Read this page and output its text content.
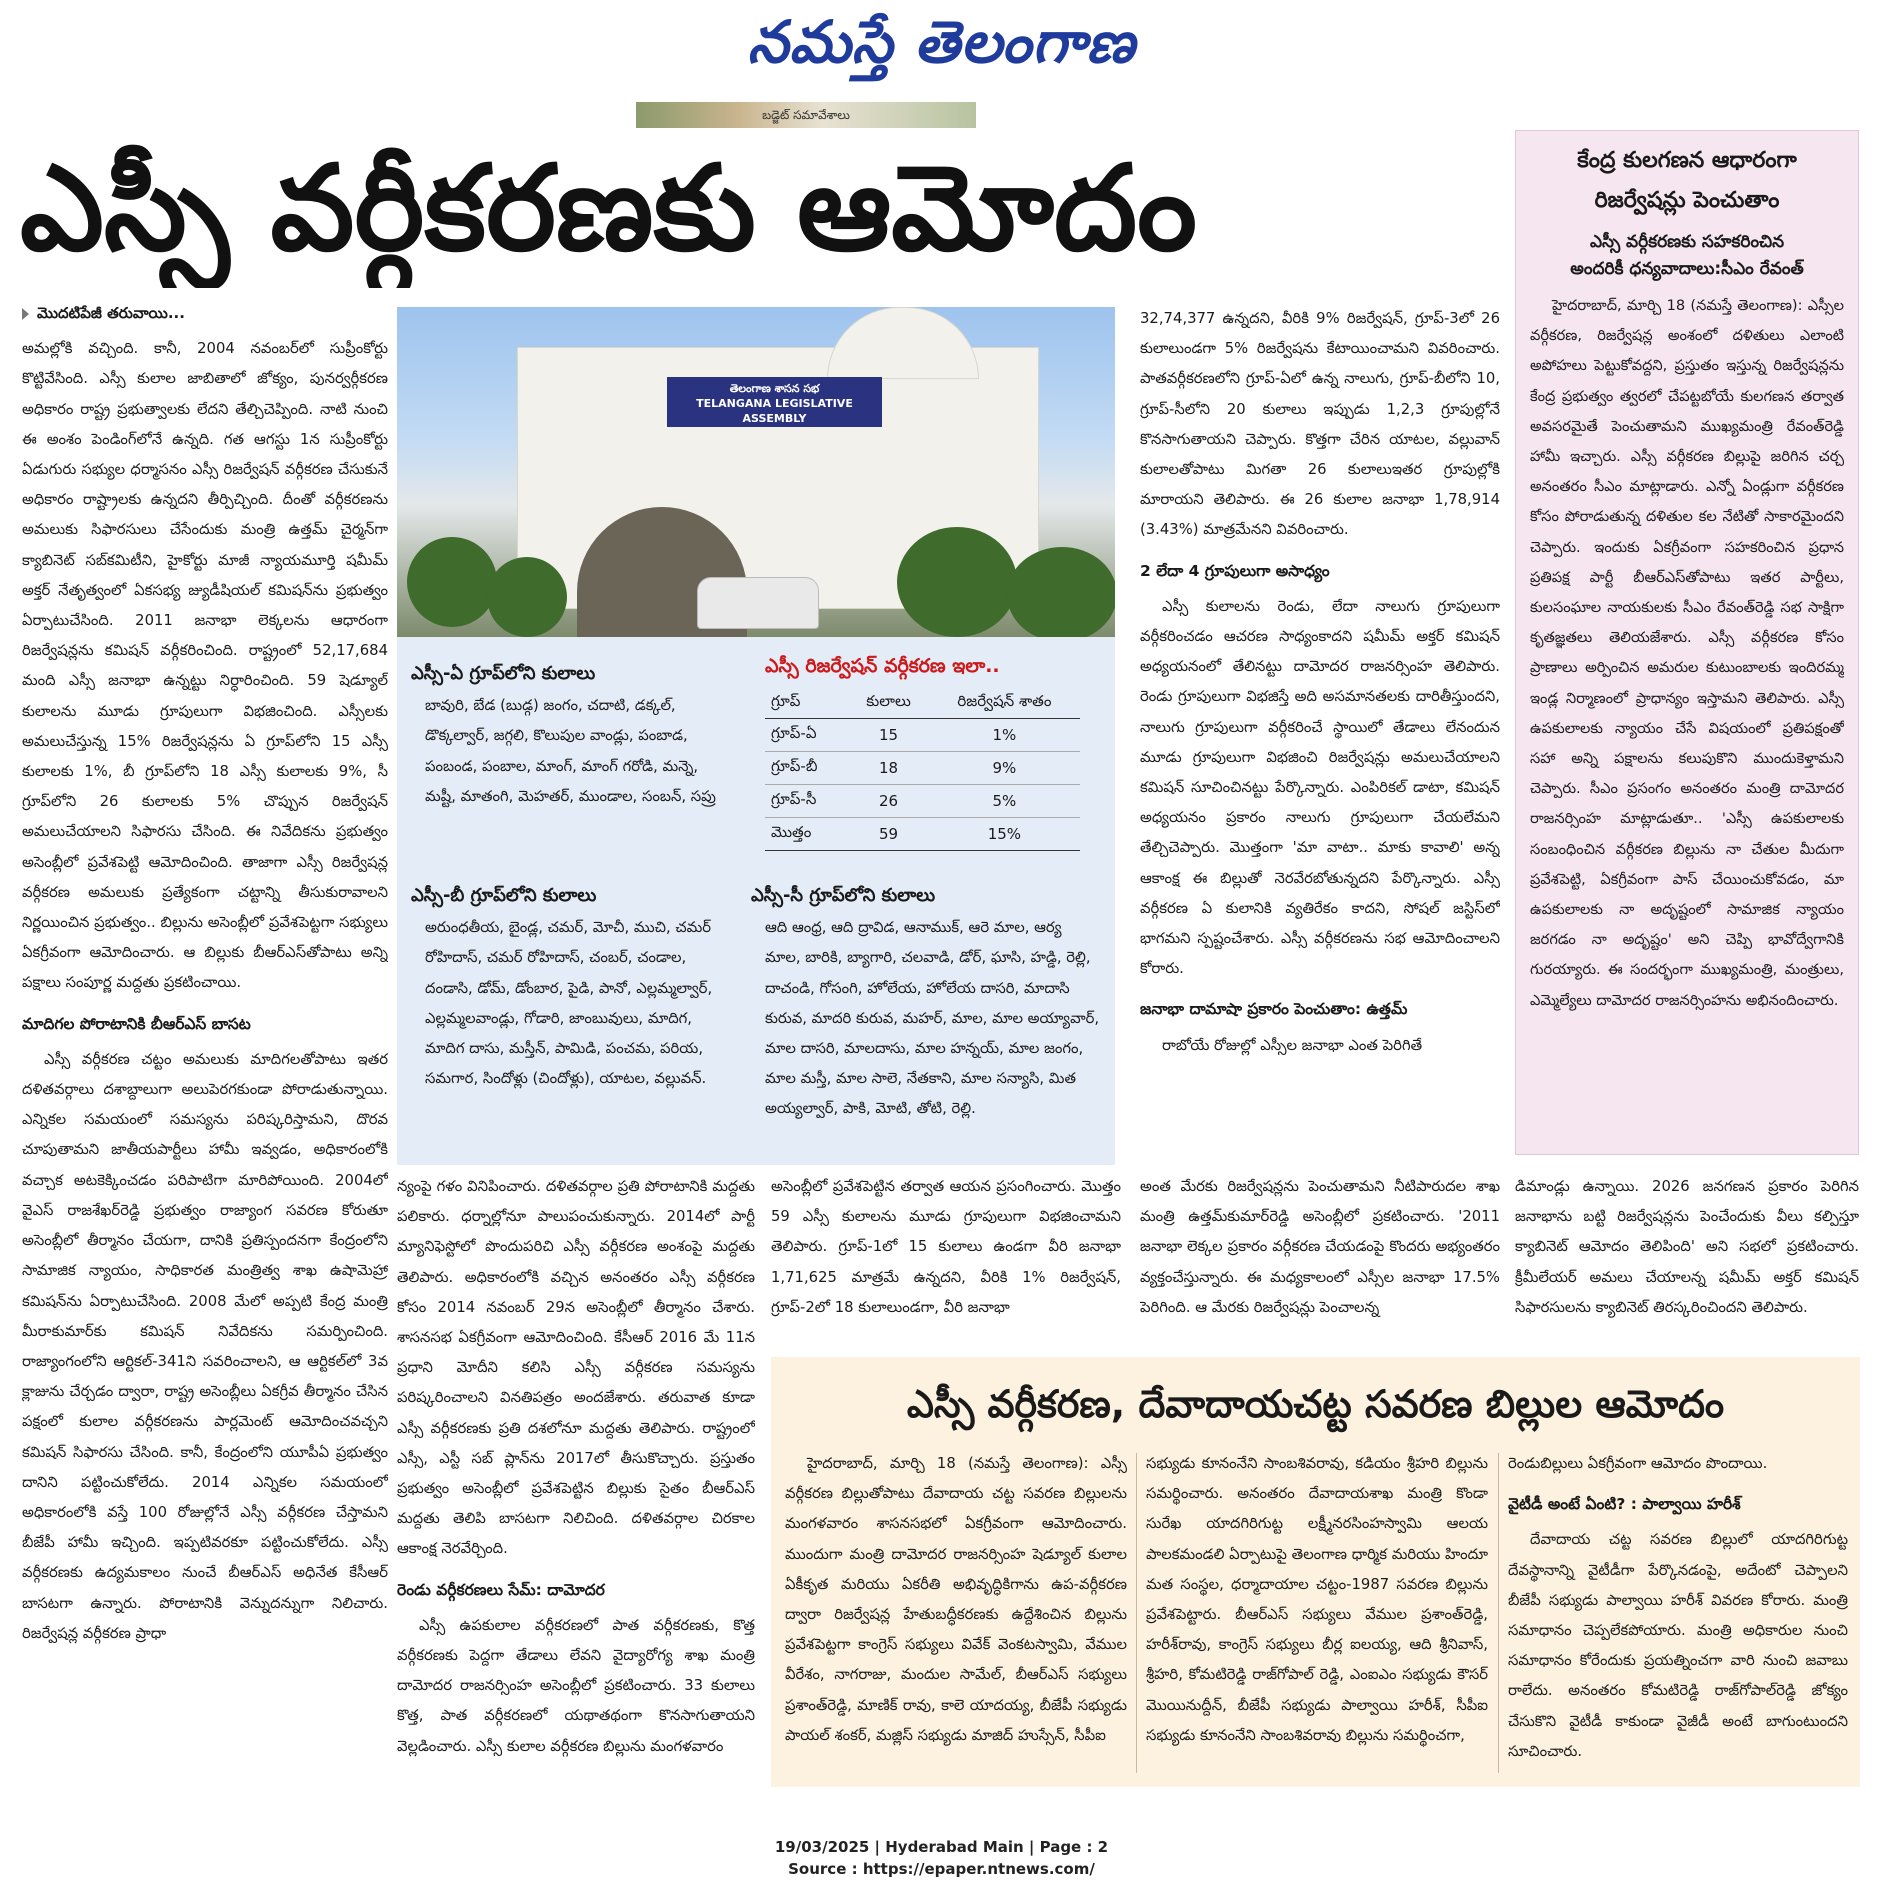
నమస్తే తెలంగాణ
బడ్జెట్ సమావేశాలు
ఎస్సీ వర్గీకరణకు ఆమోదం
మొదటిపేజీ తరువాయి...

అమల్లోకి వచ్చింది. కానీ, 2004 నవంబర్‌లో సుప్రీంకోర్టు కొట్టివేసింది. ఎస్సీ కులాల జాబితాలో జోక్యం, పునర్వర్గీకరణ అధికారం రాష్ట్ర ప్రభుత్వాలకు లేదని తేల్చిచెప్పింది. నాటి నుంచి ఈ అంశం పెండింగ్‌లోనే ఉన్నది. గత ఆగస్టు 1న సుప్రీంకోర్టు ఏడుగురు సభ్యుల ధర్మాసనం ఎస్సీ రిజర్వేషన్ వర్గీకరణ చేసుకునే అధికారం రాష్ట్రాలకు ఉన్నదని తీర్పిచ్చింది. దీంతో వర్గీకరణను అమలుకు సిఫారసులు చేసేందుకు మంత్రి ఉత్తమ్ చైర్మన్‌గా క్యాబినెట్ సబ్‌కమిటీని, హైకోర్టు మాజీ న్యాయమూర్తి షమీమ్ అక్తర్ నేతృత్వంలో ఏకసభ్య జ్యుడీషియల్ కమిషన్‌ను ప్రభుత్వం ఏర్పాటుచేసింది. 2011 జనాభా లెక్కలను ఆధారంగా రిజర్వేషన్లను కమిషన్ వర్గీకరించింది. రాష్ట్రంలో 52,17,684 మంది ఎస్సీ జనాభా ఉన్నట్టు నిర్ధారించింది. 59 షెడ్యూల్ కులాలను మూడు గ్రూపులుగా విభజించింది. ఎస్సీలకు అమలుచేస్తున్న 15% రిజర్వేషన్లను ఏ గ్రూప్‌లోని 15 ఎస్సీ కులాలకు 1%, బీ గ్రూప్‌లోని 18 ఎస్సీ కులాలకు 9%, సీ గ్రూప్‌లోని 26 కులాలకు 5% చొప్పున రిజర్వేషన్ అమలుచేయాలని సిఫారసు చేసింది. ఈ నివేదికను ప్రభుత్వం అసెంబ్లీలో ప్రవేశపెట్టి ఆమోదించింది. తాజాగా ఎస్సీ రిజర్వేషన్ల వర్గీకరణ అమలుకు ప్రత్యేకంగా చట్టాన్ని తీసుకురావాలని నిర్ణయించిన ప్రభుత్వం.. బిల్లును అసెంబ్లీలో ప్రవేశపెట్టగా సభ్యులు ఏకగ్రీవంగా ఆమోదించారు. ఆ బిల్లుకు బీఆర్‌ఎస్‌తోపాటు అన్ని పక్షాలు సంపూర్ణ మద్దతు ప్రకటించాయి.

మాదిగల పోరాటానికి బీఆర్‌ఎస్ బాసట

ఎస్సీ వర్గీకరణ చట్టం అమలుకు మాదిగలతోపాటు ఇతర దళితవర్గాలు దశాబ్దాలుగా అలుపెరగకుండా పోరాడుతున్నాయి. ఎన్నికల సమయంలో సమస్యను పరిష్కరిస్తామని, దొరవ చూపుతామని జాతీయపార్టీలు హామీ ఇవ్వడం, అధికారంలోకి వచ్చాక అటకెక్కించడం పరిపాటిగా మారిపోయింది. 2004లో వైఎస్ రాజశేఖర్‌రెడ్డి ప్రభుత్వం రాజ్యాంగ సవరణ కోరుతూ అసెంబ్లీలో తీర్మానం చేయగా, దానికి ప్రతిస్పందనగా కేంద్రంలోని సామాజిక న్యాయం, సాధికారత మంత్రిత్వ శాఖ ఉషామెహ్రా కమిషన్‌ను ఏర్పాటుచేసింది. 2008 మేలో అప్పటి కేంద్ర మంత్రి మీరాకుమార్‌కు కమిషన్ నివేదికను సమర్పించింది. రాజ్యాంగంలోని ఆర్టికల్-341ని సవరించాలని, ఆ ఆర్టికల్‌లో 3వ క్లాజును చేర్చడం ద్వారా, రాష్ట్ర అసెంబ్లీలు ఏకగ్రీవ తీర్మానం చేసిన పక్షంలో కులాల వర్గీకరణను పార్లమెంట్ ఆమోదించవచ్చని కమిషన్ సిఫారసు చేసింది. కానీ, కేంద్రంలోని యూపీఏ ప్రభుత్వం దానిని పట్టించుకోలేదు. 2014 ఎన్నికల సమయంలో అధికారంలోకి వస్తే 100 రోజుల్లోనే ఎస్సీ వర్గీకరణ చేస్తామని బీజేపీ హామీ ఇచ్చింది. ఇప్పటివరకూ పట్టించుకోలేదు. ఎస్సీ వర్గీకరణకు ఉద్యమకాలం నుంచే బీఆర్‌ఎస్ అధినేత కేసీఆర్ బాసటగా ఉన్నారు. పోరాటానికి వెన్నుదన్నుగా నిలిచారు. రిజర్వేషన్ల వర్గీకరణ ప్రాధా

తెలంగాణ శాసన సభ
TELANGANA LEGISLATIVE ASSEMBLY
ఎస్సీ-ఏ గ్రూప్‌లోని కులాలు
బావురి, బేడ (బుడ్గ) జంగం, చదాటి, డక్కల్, డొక్కల్వార్, జగ్గలి, కొలుపుల వాండ్లు, పంబాడ, పంబండ, పంబాల, మాంగ్, మాంగ్ గరోడి, మన్నె, మష్టీ, మాతంగి, మెహతర్, ముండాల, సంబన్, సప్రు
ఎస్సీ-బీ గ్రూప్‌లోని కులాలు
అరుంధతీయ, బైండ్ల, చమర్, మోచీ, ముచి, చమర్ రోహిదాస్, చమర్ రోహిదాస్, చంబర్, చండాల, దండాసి, డోమ్, డోంబార, పైడి, పానో, ఎల్లమ్మల్వార్, ఎల్లమ్మలవాండ్లు, గోడారి, జాంబువులు, మాదిగ, మాదిగ దాసు, మస్తీన్, పామిడి, పంచమ, పరియ, సమగార, సిందోళ్లు (చిందోళ్లు), యాటల, వల్లువన్.
ఎస్సీ రిజర్వేషన్ వర్గీకరణ ఇలా..
గ్రూప్	కులాలు	రిజర్వేషన్ శాతం
గ్రూప్-ఏ	15	1%
గ్రూప్-బీ	18	9%
గ్రూప్-సీ	26	5%
మొత్తం	59	15%
ఎస్సీ-సీ గ్రూప్‌లోని కులాలు
ఆది ఆంధ్ర, ఆది ద్రావిడ, ఆనాముక్, ఆరె మాల, ఆర్య మాల, బారికి, బ్యాగారి, చలవాడి, డోర్, ఘాసి, హడ్డి, రెల్లి, దాచండి, గోసంగి, హోలేయ, హోలేయ దాసరి, మాదాసి కురువ, మాదరి కురువ, మహర్, మాల, మాల అయ్యావార్, మాల దాసరి, మాలదాసు, మాల హన్నయ్, మాల జంగం, మాల మస్తీ, మాల సాలె, నేతకాని, మాల సన్యాసి, మిత అయ్యల్వార్, పాకి, మోటి, తోటి, రెల్లి.

32,74,377 ఉన్నదని, వీరికి 9% రిజర్వేషన్, గ్రూప్-3లో 26 కులాలుండగా 5% రిజర్వేషను కేటాయించామని వివరించారు. పాతవర్గీకరణలోని గ్రూప్-ఏలో ఉన్న నాలుగు, గ్రూప్-బీలోని 10, గ్రూప్-సీలోని 20 కులాలు ఇప్పుడు 1,2,3 గ్రూపుల్లోనే కొనసాగుతాయని చెప్పారు. కొత్తగా చేరిన యాటల, వల్లువాన్ కులాలతోపాటు మిగతా 26 కులాలుఇతర గ్రూపుల్లోకి మారాయని తెలిపారు. ఈ 26 కులాల జనాభా 1,78,914 (3.43%) మాత్రమేనని వివరించారు.

2 లేదా 4 గ్రూపులుగా అసాధ్యం

ఎస్సీ కులాలను రెండు, లేదా నాలుగు గ్రూపులుగా వర్గీకరించడం ఆచరణ సాధ్యంకాదని షమీమ్ అక్తర్ కమిషన్ అధ్యయనంలో తేలినట్టు దామోదర రాజనర్సింహ తెలిపారు. రెండు గ్రూపులుగా విభజిస్తే అది అసమానతలకు దారితీస్తుందని, నాలుగు గ్రూపులుగా వర్గీకరించే స్థాయిలో తేడాలు లేనందున మూడు గ్రూపులుగా విభజించి రిజర్వేషన్లు అమలుచేయాలని కమిషన్ సూచించినట్టు పేర్కొన్నారు. ఎంపిరికల్ డాటా, కమిషన్ అధ్యయనం ప్రకారం నాలుగు గ్రూపులుగా చేయలేమని తేల్చిచెప్పారు. మొత్తంగా 'మా వాటా.. మాకు కావాలి' అన్న ఆకాంక్ష ఈ బిల్లుతో నెరవేరబోతున్నదని పేర్కొన్నారు. ఎస్సీ వర్గీకరణ ఏ కులానికి వ్యతిరేకం కాదని, సోషల్ జస్టిస్‌లో భాగమని స్పష్టంచేశారు. ఎస్సీ వర్గీకరణను సభ ఆమోదించాలని కోరారు.

జనాభా దామాషా ప్రకారం పెంచుతాం: ఉత్తమ్

రాబోయే రోజుల్లో ఎస్సీల జనాభా ఎంత పెరిగితే

కేంద్ర కులగణన ఆధారంగా
రిజర్వేషన్లు పెంచుతాం
ఎస్సీ వర్గీకరణకు సహకరించిన
అందరికీ ధన్యవాదాలు:సీఎం రేవంత్

హైదరాబాద్, మార్చి 18 (నమస్తే తెలంగాణ): ఎస్సీల వర్గీకరణ, రిజర్వేషన్ల అంశంలో దళితులు ఎలాంటి అపోహలు పెట్టుకోవద్దని, ప్రస్తుతం ఇస్తున్న రిజర్వేషన్లను కేంద్ర ప్రభుత్వం త్వరలో చేపట్టబోయే కులగణన తర్వాత అవసరమైతే పెంచుతామని ముఖ్యమంత్రి రేవంత్‌రెడ్డి హామీ ఇచ్చారు. ఎస్సీ వర్గీకరణ బిల్లుపై జరిగిన చర్చ అనంతరం సీఎం మాట్లాడారు. ఎన్నో ఏండ్లుగా వర్గీకరణ కోసం పోరాడుతున్న దళితుల కల నేటితో సాకారమైందని చెప్పారు. ఇందుకు ఏకగ్రీవంగా సహకరించిన ప్రధాన ప్రతిపక్ష పార్టీ బీఆర్‌ఎస్‌తోపాటు ఇతర పార్టీలు, కులసంఘాల నాయకులకు సీఎం రేవంత్‌రెడ్డి సభ సాక్షిగా కృతజ్ఞతలు తెలియజేశారు. ఎస్సీ వర్గీకరణ కోసం ప్రాణాలు అర్పించిన అమరుల కుటుంబాలకు ఇందిరమ్మ ఇండ్ల నిర్మాణంలో ప్రాధాన్యం ఇస్తామని తెలిపారు. ఎస్సీ ఉపకులాలకు న్యాయం చేసే విషయంలో ప్రతిపక్షంతో సహా అన్ని పక్షాలను కలుపుకొని ముందుకెళ్తామని చెప్పారు. సీఎం ప్రసంగం అనంతరం మంత్రి దామోదర రాజనర్సింహ మాట్లాడుతూ.. 'ఎస్సీ ఉపకులాలకు సంబంధించిన వర్గీకరణ బిల్లును నా చేతుల మీదుగా ప్రవేశపెట్టి, ఏకగ్రీవంగా పాస్ చేయించుకోవడం, మా ఉపకులాలకు నా అదృష్టంలో సామాజిక న్యాయం జరగడం నా అదృష్టం' అని చెప్పి భావోద్వేగానికి గురయ్యారు. ఈ సందర్భంగా ముఖ్యమంత్రి, మంత్రులు, ఎమ్మెల్యేలు దామోదర రాజనర్సింహను అభినందించారు.

న్యంపై గళం వినిపించారు. దళితవర్గాల ప్రతి పోరాటానికి మద్దతు పలికారు. ధర్నాల్లోనూ పాలుపంచుకున్నారు. 2014లో పార్టీ మ్యానిఫెస్టోలో పొందుపరిచి ఎస్సీ వర్గీకరణ అంశంపై మద్దతు తెలిపారు. అధికారంలోకి వచ్చిన అనంతరం ఎస్సీ వర్గీకరణ కోసం 2014 నవంబర్ 29న అసెంబ్లీలో తీర్మానం చేశారు. శాసనసభ ఏకగ్రీవంగా ఆమోదించింది. కేసీఆర్ 2016 మే 11న ప్రధాని మోదీని కలిసి ఎస్సీ వర్గీకరణ సమస్యను పరిష్కరించాలని వినతిపత్రం అందజేశారు. తరువాత కూడా ఎస్సీ వర్గీకరణకు ప్రతి దశలోనూ మద్దతు తెలిపారు. రాష్ట్రంలో ఎస్సీ, ఎస్టీ సబ్ ప్లాన్‌ను 2017లో తీసుకొచ్చారు. ప్రస్తుతం ప్రభుత్వం అసెంబ్లీలో ప్రవేశపెట్టిన బిల్లుకు సైతం బీఆర్‌ఎస్ మద్దతు తెలిపి బాసటగా నిలిచింది. దళితవర్గాల చిరకాల ఆకాంక్ష నెరవేర్చింది.

రెండు వర్గీకరణలు సేమ్: దామోదర

ఎస్సీ ఉపకులాల వర్గీకరణలో పాత వర్గీకరణకు, కొత్త వర్గీకరణకు పెద్దగా తేడాలు లేవని వైద్యారోగ్య శాఖ మంత్రి దామోదర రాజనర్సింహ అసెంబ్లీలో ప్రకటించారు. 33 కులాలు కొత్త, పాత వర్గీకరణలో యథాతథంగా కొనసాగుతాయని వెల్లడించారు. ఎస్సీ కులాల వర్గీకరణ బిల్లును మంగళవారం

అసెంబ్లీలో ప్రవేశపెట్టిన తర్వాత ఆయన ప్రసంగించారు. మొత్తం 59 ఎస్సీ కులాలను మూడు గ్రూపులుగా విభజించామని తెలిపారు. గ్రూప్-1లో 15 కులాలు ఉండగా వీరి జనాభా 1,71,625 మాత్రమే ఉన్నదని, వీరికి 1% రిజర్వేషన్, గ్రూప్-2లో 18 కులాలుండగా, వీరి జనాభా

అంత మేరకు రిజర్వేషన్లను పెంచుతామని నీటిపారుదల శాఖ మంత్రి ఉత్తమ్‌కుమార్‌రెడ్డి అసెంబ్లీలో ప్రకటించారు. '2011 జనాభా లెక్కల ప్రకారం వర్గీకరణ చేయడంపై కొందరు అభ్యంతరం వ్యక్తంచేస్తున్నారు. ఈ మధ్యకాలంలో ఎస్సీల జనాభా 17.5% పెరిగింది. ఆ మేరకు రిజర్వేషన్లు పెంచాలన్న

డిమాండ్లు ఉన్నాయి. 2026 జనగణన ప్రకారం పెరిగిన జనాభాను బట్టి రిజర్వేషన్లను పెంచేందుకు వీలు కల్పిస్తూ క్యాబినెట్ ఆమోదం తెలిపింది' అని సభలో ప్రకటించారు. క్రీమీలేయర్ అమలు చేయాలన్న షమీమ్ అక్తర్ కమిషన్ సిఫారసులను క్యాబినెట్ తిరస్కరించిందని తెలిపారు.

ఎస్సీ వర్గీకరణ, దేవాదాయచట్ట సవరణ బిల్లుల ఆమోదం

హైదరాబాద్, మార్చి 18 (నమస్తే తెలంగాణ): ఎస్సీ వర్గీకరణ బిల్లుతోపాటు దేవాదాయ చట్ట సవరణ బిల్లులను మంగళవారం శాసనసభలో ఏకగ్రీవంగా ఆమోదించారు. ముందుగా మంత్రి దామోదర రాజనర్సింహ షెడ్యూల్ కులాల ఏకీకృత మరియు ఏకరీతి అభివృద్ధికిగాను ఉప-వర్గీకరణ ద్వారా రిజర్వేషన్ల హేతుబద్ధీకరణకు ఉద్దేశించిన బిల్లును ప్రవేశపెట్టగా కాంగ్రెస్ సభ్యులు వివేక్ వెంకటస్వామి, వేముల వీరేశం, నాగరాజు, మందుల సామేల్, బీఆర్‌ఎస్ సభ్యులు ప్రశాంత్‌రెడ్డి, మాణిక్ రావు, కాలె యాదయ్య, బీజేపీ సభ్యుడు పాయల్ శంకర్, మజ్లిస్ సభ్యుడు మాజిద్ హుస్సేన్, సీపీఐ

సభ్యుడు కూనంనేని సాంబశివరావు, కడియం శ్రీహరి బిల్లును సమర్థించారు. అనంతరం దేవాదాయశాఖ మంత్రి కొండా సురేఖ యాదగిరిగుట్ట లక్ష్మీనరసింహస్వామి ఆలయ పాలకమండలి ఏర్పాటుపై తెలంగాణ ధార్మిక మరియు హిందూ మత సంస్థల, ధర్మాదాయాల చట్టం-1987 సవరణ బిల్లును ప్రవేశపెట్టారు. బీఆర్‌ఎస్ సభ్యులు వేముల ప్రశాంత్‌రెడ్డి, హరీశ్‌రావు, కాంగ్రెస్ సభ్యులు బీర్ల ఐలయ్య, ఆది శ్రీనివాస్, శ్రీహరి, కోమటిరెడ్డి రాజ్‌గోపాల్ రెడ్డి, ఎంఐఎం సభ్యుడు కౌసర్ మొయినుద్దీన్, బీజేపీ సభ్యుడు పాల్వాయి హరీశ్, సీపీఐ సభ్యుడు కూనంనేని సాంబశివరావు బిల్లును సమర్థించగా,

రెండుబిల్లులు ఏకగ్రీవంగా ఆమోదం పొందాయి.

వైటీడీ అంటే ఏంటి? : పాల్వాయి హరీశ్

దేవాదాయ చట్ట సవరణ బిల్లులో యాదగిరిగుట్ట దేవస్థానాన్ని వైటీడీగా పేర్కొనడంపై, అదేంటో చెప్పాలని బీజేపీ సభ్యుడు పాల్వాయి హరీశ్ వివరణ కోరారు. మంత్రి సమాధానం చెప్పలేకపోయారు. మంత్రి అధికారుల నుంచి సమాధానం కోరేందుకు ప్రయత్నించగా వారి నుంచి జవాబు రాలేదు. అనంతరం కోమటిరెడ్డి రాజ్‌గోపాల్‌రెడ్డి జోక్యం చేసుకొని వైటీడీ కాకుండా వైజీడీ అంటే బాగుంటుందని సూచించారు.

19/03/2025 | Hyderabad Main | Page : 2
Source : https://epaper.ntnews.com/
